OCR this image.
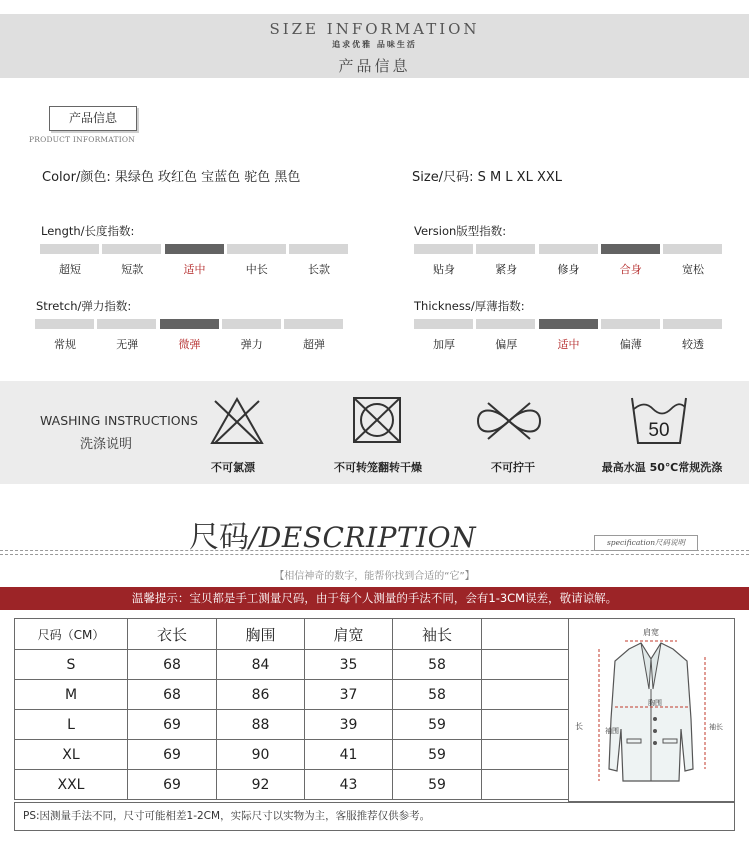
SIZE INFORMATION
追求优雅 品味生活
产品信息
产品信息
PRODUCT INFORMATION
Color/颜色: 果绿色 玫红色 宝蓝色 驼色 黑色	Size/尺码: S M L XL XXL
Length/长度指数:
超短	短款	适中	中长	长款
Version版型指数:
贴身	紧身	修身	合身	宽松
Stretch/弹力指数:
常规	无弹	微弹	弹力	超弹
Thickness/厚薄指数:
加厚	偏厚	适中	偏薄	较透
WASHING INSTRUCTIONS
洗涤说明
不可氯漂	不可转笼翻转干燥	不可拧干
50
最高水温 50℃常规洗涤
尺码/DESCRIPTION	specification尺码说明
【相信神奇的数字，能帮你找到合适的“它”】
温馨提示：宝贝都是手工测量尺码，由于每个人测量的手法不同，会有1-3CM误差，敬请谅解。
尺码（CM）	衣长	胸围	肩宽	袖长	
S	68	84	35	58	
M	68	86	37	58	
L	69	88	39	59	
XL	69	90	41	59	
XXL	69	92	43	59	
肩宽
胸围
长	袖围	袖长
PS:因测量手法不同，尺寸可能相差1-2CM，实际尺寸以实物为主，客服推荐仅供参考。
